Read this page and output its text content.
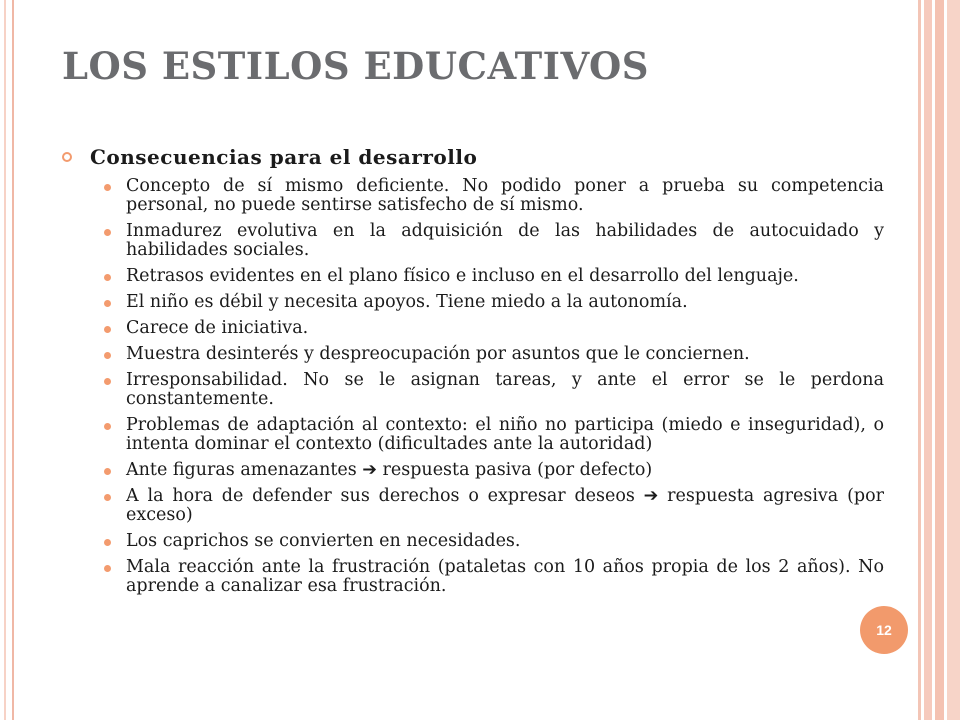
LOS ESTILOS EDUCATIVOS
Consecuencias para el desarrollo
Concepto de sí mismo deficiente. No podido poner a prueba su competencia personal, no puede sentirse satisfecho de sí mismo.
Inmadurez evolutiva en la adquisición de las habilidades de autocuidado y habilidades sociales.
Retrasos evidentes en el plano físico e incluso en el desarrollo del lenguaje.
El niño es débil y necesita apoyos. Tiene miedo a la autonomía.
Carece de iniciativa.
Muestra desinterés y despreocupación por asuntos que le conciernen.
Irresponsabilidad. No se le asignan tareas, y ante el error se le perdona constantemente.
Problemas de adaptación al contexto: el niño no participa (miedo e inseguridad), o intenta dominar el contexto (dificultades ante la autoridad)
Ante figuras amenazantes ➔ respuesta pasiva (por defecto)
A la hora de defender sus derechos o expresar deseos ➔ respuesta agresiva (por exceso)
Los caprichos se convierten en necesidades.
Mala reacción ante la frustración (pataletas con 10 años propia de los 2 años). No aprende a canalizar esa frustración.
12
